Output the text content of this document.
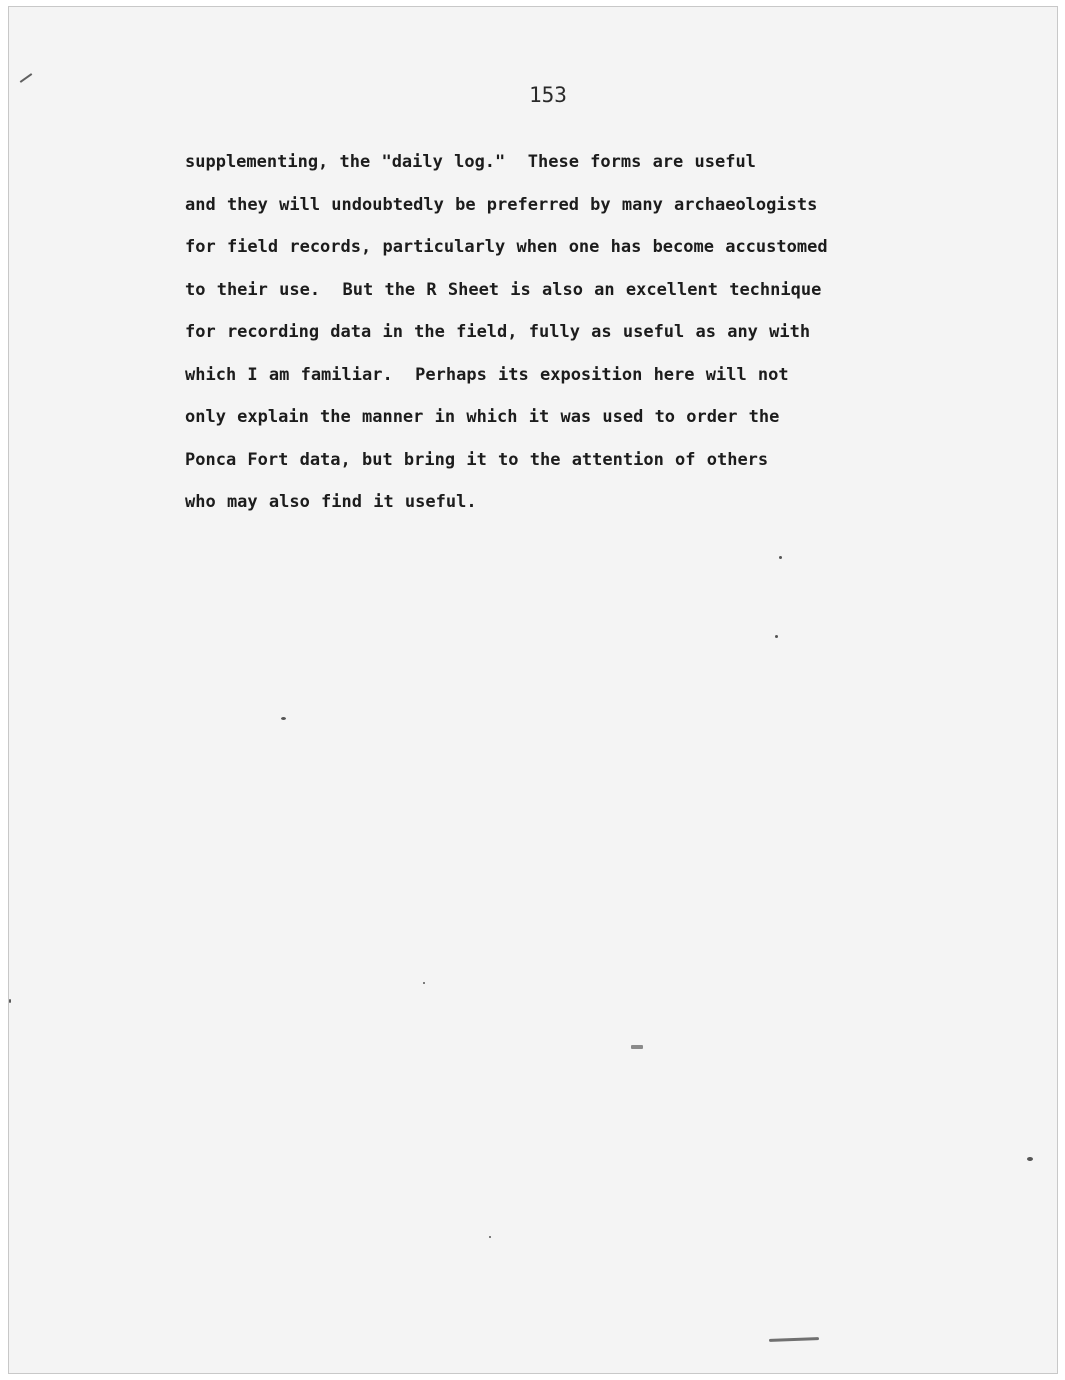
153
supplementing, the "daily log."  These forms are useful
and they will undoubtedly be preferred by many archaeologists
for field records, particularly when one has become accustomed
to their use.  But the R Sheet is also an excellent technique
for recording data in the field, fully as useful as any with
which I am familiar.  Perhaps its exposition here will not
only explain the manner in which it was used to order the
Ponca Fort data, but bring it to the attention of others
who may also find it useful.
